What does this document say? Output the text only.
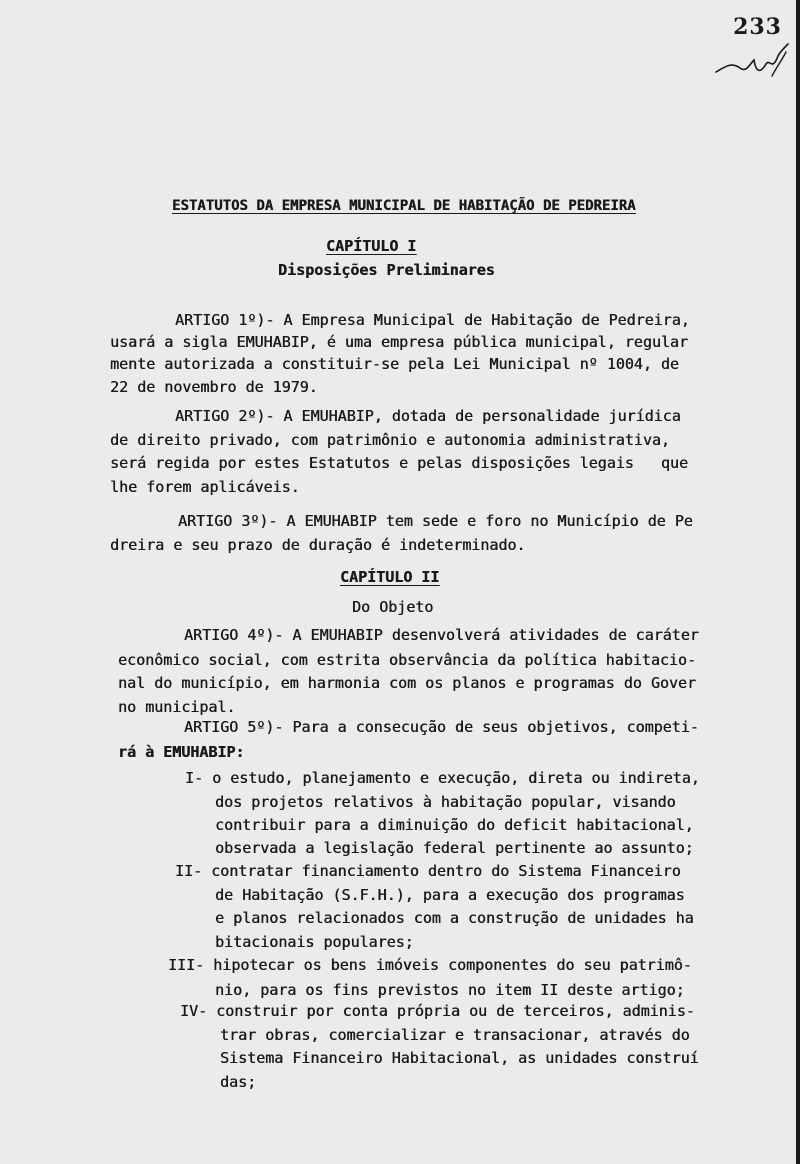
233
ESTATUTOS DA EMPRESA MUNICIPAL DE HABITAÇÃO DE PEDREIRA
CAPÍTULO I
Disposições Preliminares
ARTIGO 1º)- A Empresa Municipal de Habitação de Pedreira,
usará a sigla EMUHABIP, é uma empresa pública municipal, regular
mente autorizada a constituir-se pela Lei Municipal nº 1004, de
22 de novembro de 1979.
ARTIGO 2º)- A EMUHABIP, dotada de personalidade jurídica
de direito privado, com patrimônio e autonomia administrativa,
será regida por estes Estatutos e pelas disposições legais   que
lhe forem aplicáveis.
ARTIGO 3º)- A EMUHABIP tem sede e foro no Município de Pe
dreira e seu prazo de duração é indeterminado.
CAPÍTULO II
Do Objeto
ARTIGO 4º)- A EMUHABIP desenvolverá atividades de caráter
econômico social, com estrita observância da política habitacio-
nal do município, em harmonia com os planos e programas do Gover
no municipal.
ARTIGO 5º)- Para a consecução de seus objetivos, competi-
rá à EMUHABIP:
I- o estudo, planejamento e execução, direta ou indireta,
dos projetos relativos à habitação popular, visando
contribuir para a diminuição do deficit habitacional,
observada a legislação federal pertinente ao assunto;
II- contratar financiamento dentro do Sistema Financeiro
de Habitação (S.F.H.), para a execução dos programas
e planos relacionados com a construção de unidades ha
bitacionais populares;
III- hipotecar os bens imóveis componentes do seu patrimô-
nio, para os fins previstos no item II deste artigo;
IV- construir por conta própria ou de terceiros, adminis-
trar obras, comercializar e transacionar, através do
Sistema Financeiro Habitacional, as unidades construí
das;
